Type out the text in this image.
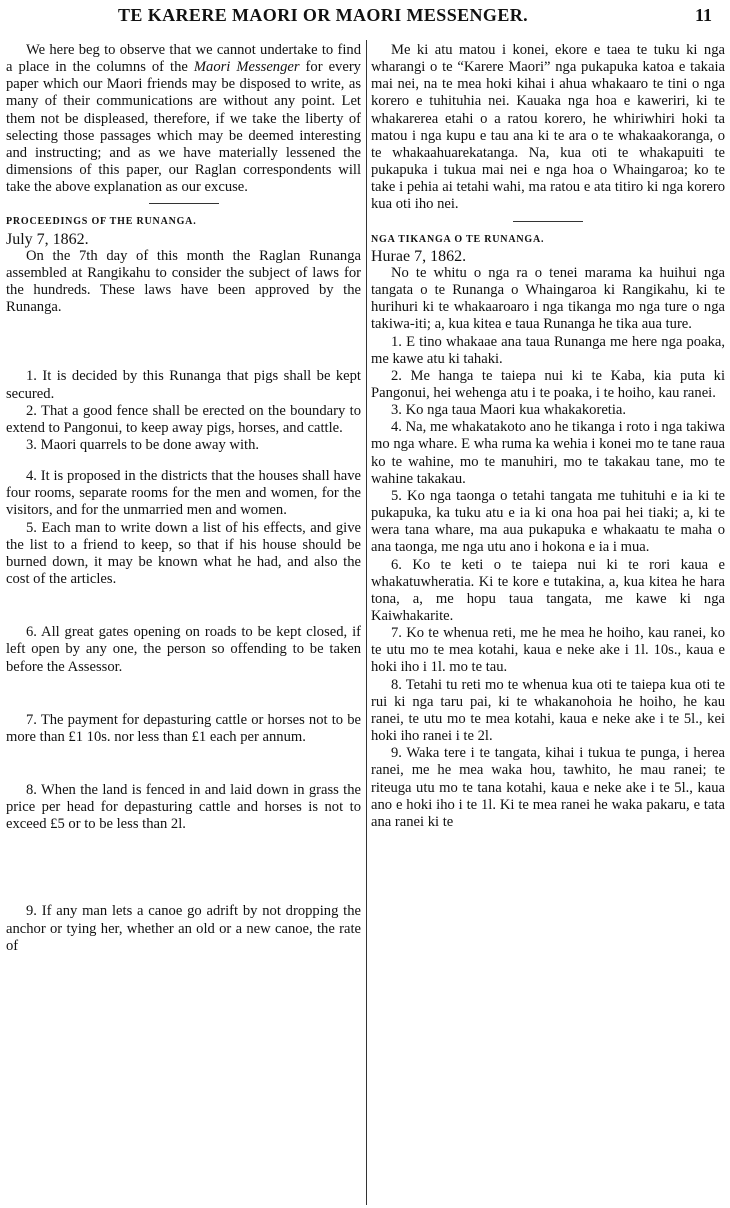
TE KARERE MAORI OR MAORI MESSENGER.	11

We here beg to observe that we cannot undertake to find a place in the columns of the Maori Messenger for every paper which our Maori friends may be disposed to write, as many of their communications are without any point. Let them not be displeased, therefore, if we take the liberty of selecting those passages which may be deemed interesting and instructing; and as we have materially lessened the dimensions of this paper, our Raglan correspondents will take the above explanation as our excuse.

PROCEEDINGS OF THE RUNANGA.

July 7, 1862.

On the 7th day of this month the Raglan Runanga assembled at Rangikahu to consider the subject of laws for the hundreds. These laws have been approved by the Runanga.

1. It is decided by this Runanga that pigs shall be kept secured.

2. That a good fence shall be erected on the boundary to extend to Pangonui, to keep away pigs, horses, and cattle.

3. Maori quarrels to be done away with.

4. It is proposed in the districts that the houses shall have four rooms, separate rooms for the men and women, for the visitors, and for the unmarried men and women.

5. Each man to write down a list of his effects, and give the list to a friend to keep, so that if his house should be burned down, it may be known what he had, and also the cost of the articles.

6. All great gates opening on roads to be kept closed, if left open by any one, the person so offending to be taken before the Assessor.

7. The payment for depasturing cattle or horses not to be more than £1 10s. nor less than £1 each per annum.

8. When the land is fenced in and laid down in grass the price per head for depasturing cattle and horses is not to exceed £5 or to be less than 2l.

9. If any man lets a canoe go adrift by not dropping the anchor or tying her, whether an old or a new canoe, the rate of

Me ki atu matou i konei, ekore e taea te tuku ki nga wharangi o te “Karere Maori” nga pukapuka katoa e takaia mai nei, na te mea hoki kihai i ahua whakaaro te tini o nga korero e tuhituhia nei. Kauaka nga hoa e kaweriri, ki te whakarerea etahi o a ratou korero, he whiriwhiri hoki ta matou i nga kupu e tau ana ki te ara o te whakaakoranga, o te whakaahuarekatanga. Na, kua oti te whakapuiti te pukapuka i tukua mai nei e nga hoa o Whaingaroa; ko te take i pehia ai tetahi wahi, ma ratou e ata titiro ki nga korero kua oti iho nei.

NGA TIKANGA O TE RUNANGA.

Hurae 7, 1862.

No te whitu o nga ra o tenei marama ka huihui nga tangata o te Runanga o Whaingaroa ki Rangikahu, ki te hurihuri ki te whakaaroaro i nga tikanga mo nga ture o nga takiwa-iti; a, kua kitea e taua Runanga he tika aua ture.

1. E tino whakaae ana taua Runanga me here nga poaka, me kawe atu ki tahaki.

2. Me hanga te taiepa nui ki te Kaba, kia puta ki Pangonui, hei wehenga atu i te poaka, i te hoiho, kau ranei.

3. Ko nga taua Maori kua whakakoretia.

4. Na, me whakatakoto ano he tikanga i roto i nga takiwa mo nga whare. E wha ruma ka wehia i konei mo te tane raua ko te wahine, mo te manuhiri, mo te takakau tane, mo te wahine takakau.

5. Ko nga taonga o tetahi tangata me tuhituhi e ia ki te pukapuka, ka tuku atu e ia ki ona hoa pai hei tiaki; a, ki te wera tana whare, ma aua pukapuka e whakaatu te maha o ana taonga, me nga utu ano i hokona e ia i mua.

6. Ko te keti o te taiepa nui ki te rori kaua e whakatuwheratia. Ki te kore e tutakina, a, kua kitea he hara tona, a, me hopu taua tangata, me kawe ki nga Kaiwhakarite.

7. Ko te whenua reti, me he mea he hoiho, kau ranei, ko te utu mo te mea kotahi, kaua e neke ake i 1l. 10s., kaua e hoki iho i 1l. mo te tau.

8. Tetahi tu reti mo te whenua kua oti te taiepa kua oti te rui ki nga taru pai, ki te whakanohoia he hoiho, he kau ranei, te utu mo te mea kotahi, kaua e neke ake i te 5l., kei hoki iho ranei i te 2l.

9. Waka tere i te tangata, kihai i tukua te punga, i herea ranei, me he mea waka hou, tawhito, he mau ranei; te riteuga utu mo te tana kotahi, kaua e neke ake i te 5l., kaua ano e hoki iho i te 1l. Ki te mea ranei he waka pakaru, e tata ana ranei ki te
